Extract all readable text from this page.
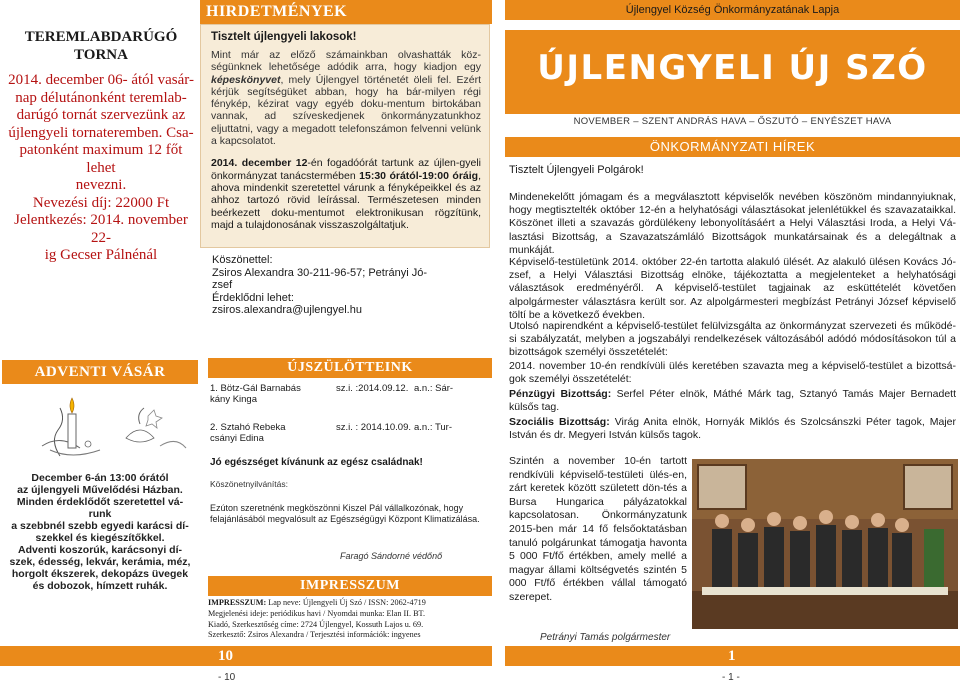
TEREMLABDARÚGÓ
TORNA
2014. december 06- ától vasár-
nap délutánonként teremlab-
darúgó tornát szervezünk az
újlengyeli tornateremben. Csa-
patonként maximum 12 főt lehet
nevezni.
Nevezési díj: 22000 Ft
Jelentkezés: 2014. november 22-
ig Gecser Pálnénál
HIRDETMÉNYEK
Tisztelt újlengyeli lakosok!
Mint már az előző számainkban olvashatták köz-ségünknek lehetősége adódik arra, hogy kiadjon egy képeskönyvet, mely Újlengyel történetét öleli fel. Ezért kérjük segítségüket abban, hogy ha bár-milyen régi fénykép, kézirat vagy egyéb doku-mentum birtokában vannak, ad szíveskedjenek önkormányzatunkhoz eljuttatni, vagy a megadott telefonszámon felvenni velünk a kapcsolatot.
2014. december 12-én fogadóórát tartunk az újlen-gyeli önkormányzat tanácstermében 15:30 órától-19:00 óráig, ahova mindenkit szeretettel várunk a fényképeikkel és az ahhoz tartozó rövid leírással. Természetesen minden beérkezett doku-mentumot elektronikusan rögzítünk, majd a tulajdonosának visszaszolgáltatjuk.
Köszönettel:
Zsiros Alexandra 30-211-96-57; Petrányi Jó-
zsef
Érdeklődni lehet:
zsiros.alexandra@ujlengyel.hu
ADVENTI VÁSÁR
December 6-án 13:00 órától
az újlengyeli Művelődési Házban.
Minden érdeklődőt szeretettel vá-
runk
a szebbnél szebb egyedi karácsi dí-
szekkel és kiegészítőkkel.
Adventi koszorúk, karácsonyi dí-
szek, édesség, lekvár, kerámia, méz,
horgolt ékszerek, dekopázs üvegek
és dobozok, hímzett ruhák.
ÚJSZÜLÖTTEINK
1. Bötz-Gál Barnabás
kány Kinga
sz.i. :2014.09.12. a.n.: Sár-
2. Sztahó Rebeka
csányi Edina
sz.i. : 2014.10.09. a.n.: Tur-
Jó egészséget kívánunk az egész családnak!
Köszönetnyilvánítás:
Ezúton szeretnénk megköszönni Kiszel Pál vállalkozónak, hogy felajánlásából megvalósult az Egészségügyi Központ Klimatizálása.
Faragó Sándorné védőnő
IMPRESSZUM
IMPRESSZUM: Lap neve: Újlengyeli Új Szó / ISSN: 2062-4719
Megjelenési ideje: periódikus havi / Nyomdai munka: Elan II. BT.
Kiadó, Szerkesztőség címe: 2724 Újlengyel, Kossuth Lajos u. 69.
Szerkesztő: Zsiros Alexandra / Terjesztési információk: ingyenes
10
- 10
Újlengyel Község Önkormányzatának Lapja
ÚJLENGYELI ÚJ SZÓ
NOVEMBER – SZENT ANDRÁS HAVA – ŐSZUTÓ – ENYÉSZET HAVA
ÖNKORMÁNYZATI HÍREK
Tisztelt Újlengyeli Polgárok!
Mindenekelőtt jómagam és a megválasztott képviselők nevében köszönöm mindannyiuknak, hogy megtisztelték október 12-én a helyhatósági választásokat jelenlétükkel és szavazataikkal. Köszönet illeti a szavazás gördülékeny lebonyolításáért a Helyi Választási Iroda, a Helyi Vá-lasztási Bizottság, a Szavazatszámláló Bizottságok munkatársainak és a delegáltnak a munkáját.
Képviselő-testületünk 2014. október 22-én tartotta alakuló ülését. Az alakuló ülésen Kovács Jó-zsef, a Helyi Választási Bizottság elnöke, tájékoztatta a megjelenteket a helyhatósági választások eredményéről. A képviselő-testület tagjainak az esküttételét követően alpolgármester választásra került sor. Az alpolgármesteri megbízást Petrányi József képviselő töltí be a következő években.
Utolsó napirendként a képviselő-testület felülvizsgálta az önkormányzat szervezeti és működé-si szabályzatát, melyben a jogszabályi rendelkezések változásából adódó módosításokon túl a bizottságok személyi összetételét:
2014. november 10-én rendkívüli ülés keretében szavazta meg a képviselő-testület a bizottsá-gok személyi összetételét:
Pénzügyi Bizottság: Serfel Péter elnök, Máthé Márk tag, Sztanyó Tamás Majer Bernadett külsős tag.
Szociális Bizottság: Virág Anita elnök, Hornyák Miklós és Szolcsánszki Péter tagok, Majer István és dr. Megyeri István külsős tagok.
Szintén a november 10-én tartott rendkívüli képviselő-testületi ülés-en, zárt keretek között született dön-tés a Bursa Hungarica pályázatokkal kapcsolatosan. Önkormányzatunk 2015-ben már 14 fő felsőoktatásban tanuló polgárunkat támogatja havonta 5 000 Ft/fő értékben, amely mellé a magyar állami költségvetés szintén 5 000 Ft/fő értékben vállal támogató szerepet.
Petrányi Tamás polgármester
1
- 1 -
